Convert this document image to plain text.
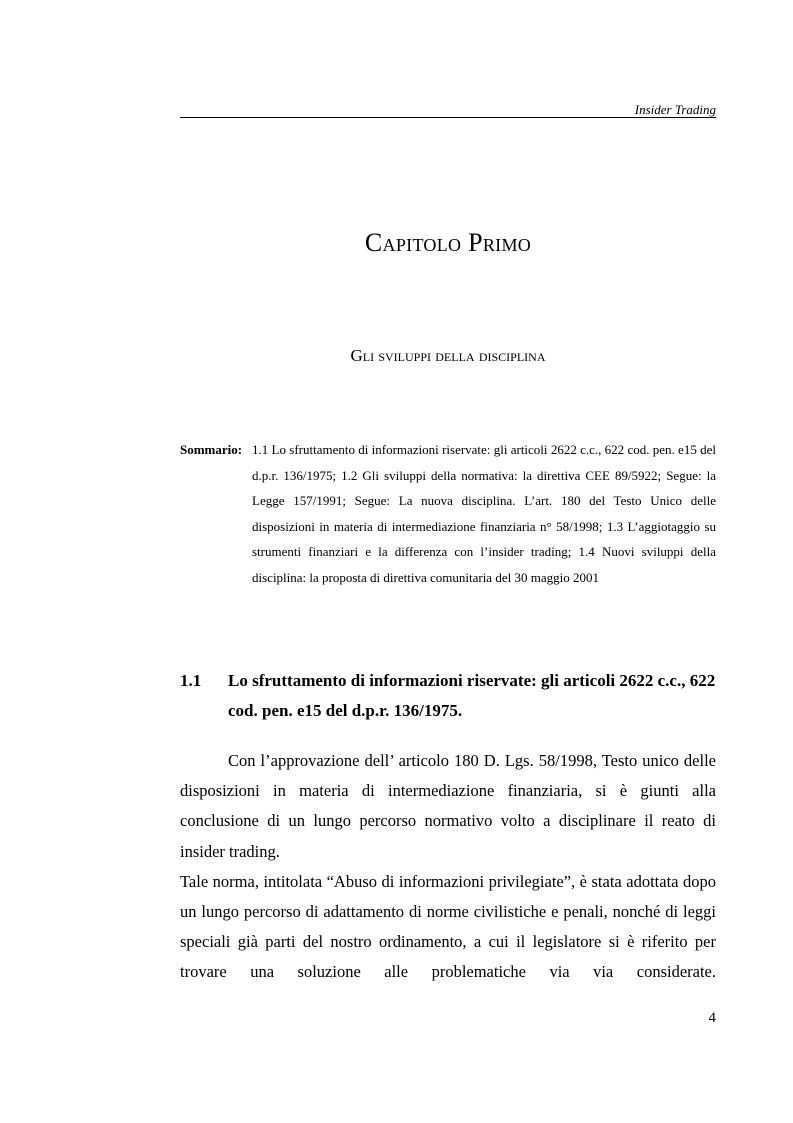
Insider Trading
Capitolo Primo
Gli sviluppi della disciplina
Sommario: 1.1 Lo sfruttamento di informazioni riservate: gli articoli 2622 c.c., 622 cod. pen. e15 del d.p.r. 136/1975; 1.2 Gli sviluppi della normativa: la direttiva CEE 89/5922; Segue: la Legge 157/1991; Segue: La nuova disciplina. L’art. 180 del Testo Unico delle disposizioni in materia di intermediazione finanziaria n° 58/1998; 1.3 L’aggiotaggio su strumenti finanziari e la differenza con l’insider trading; 1.4 Nuovi sviluppi della disciplina: la proposta di direttiva comunitaria del 30 maggio 2001
1.1 Lo sfruttamento di informazioni riservate: gli articoli 2622 c.c., 622 cod. pen. e15 del d.p.r. 136/1975.

Con l’approvazione dell’ articolo 180 D. Lgs. 58/1998, Testo unico delle disposizioni in materia di intermediazione finanziaria, si è giunti alla conclusione di un lungo percorso normativo volto a disciplinare il reato di insider trading.

Tale norma, intitolata “Abuso di informazioni privilegiate”, è stata adottata dopo un lungo percorso di adattamento di norme civilistiche e penali, nonché di leggi speciali già parti del nostro ordinamento, a cui il legislatore si è riferito per trovare una soluzione alle problematiche via via considerate.

4
